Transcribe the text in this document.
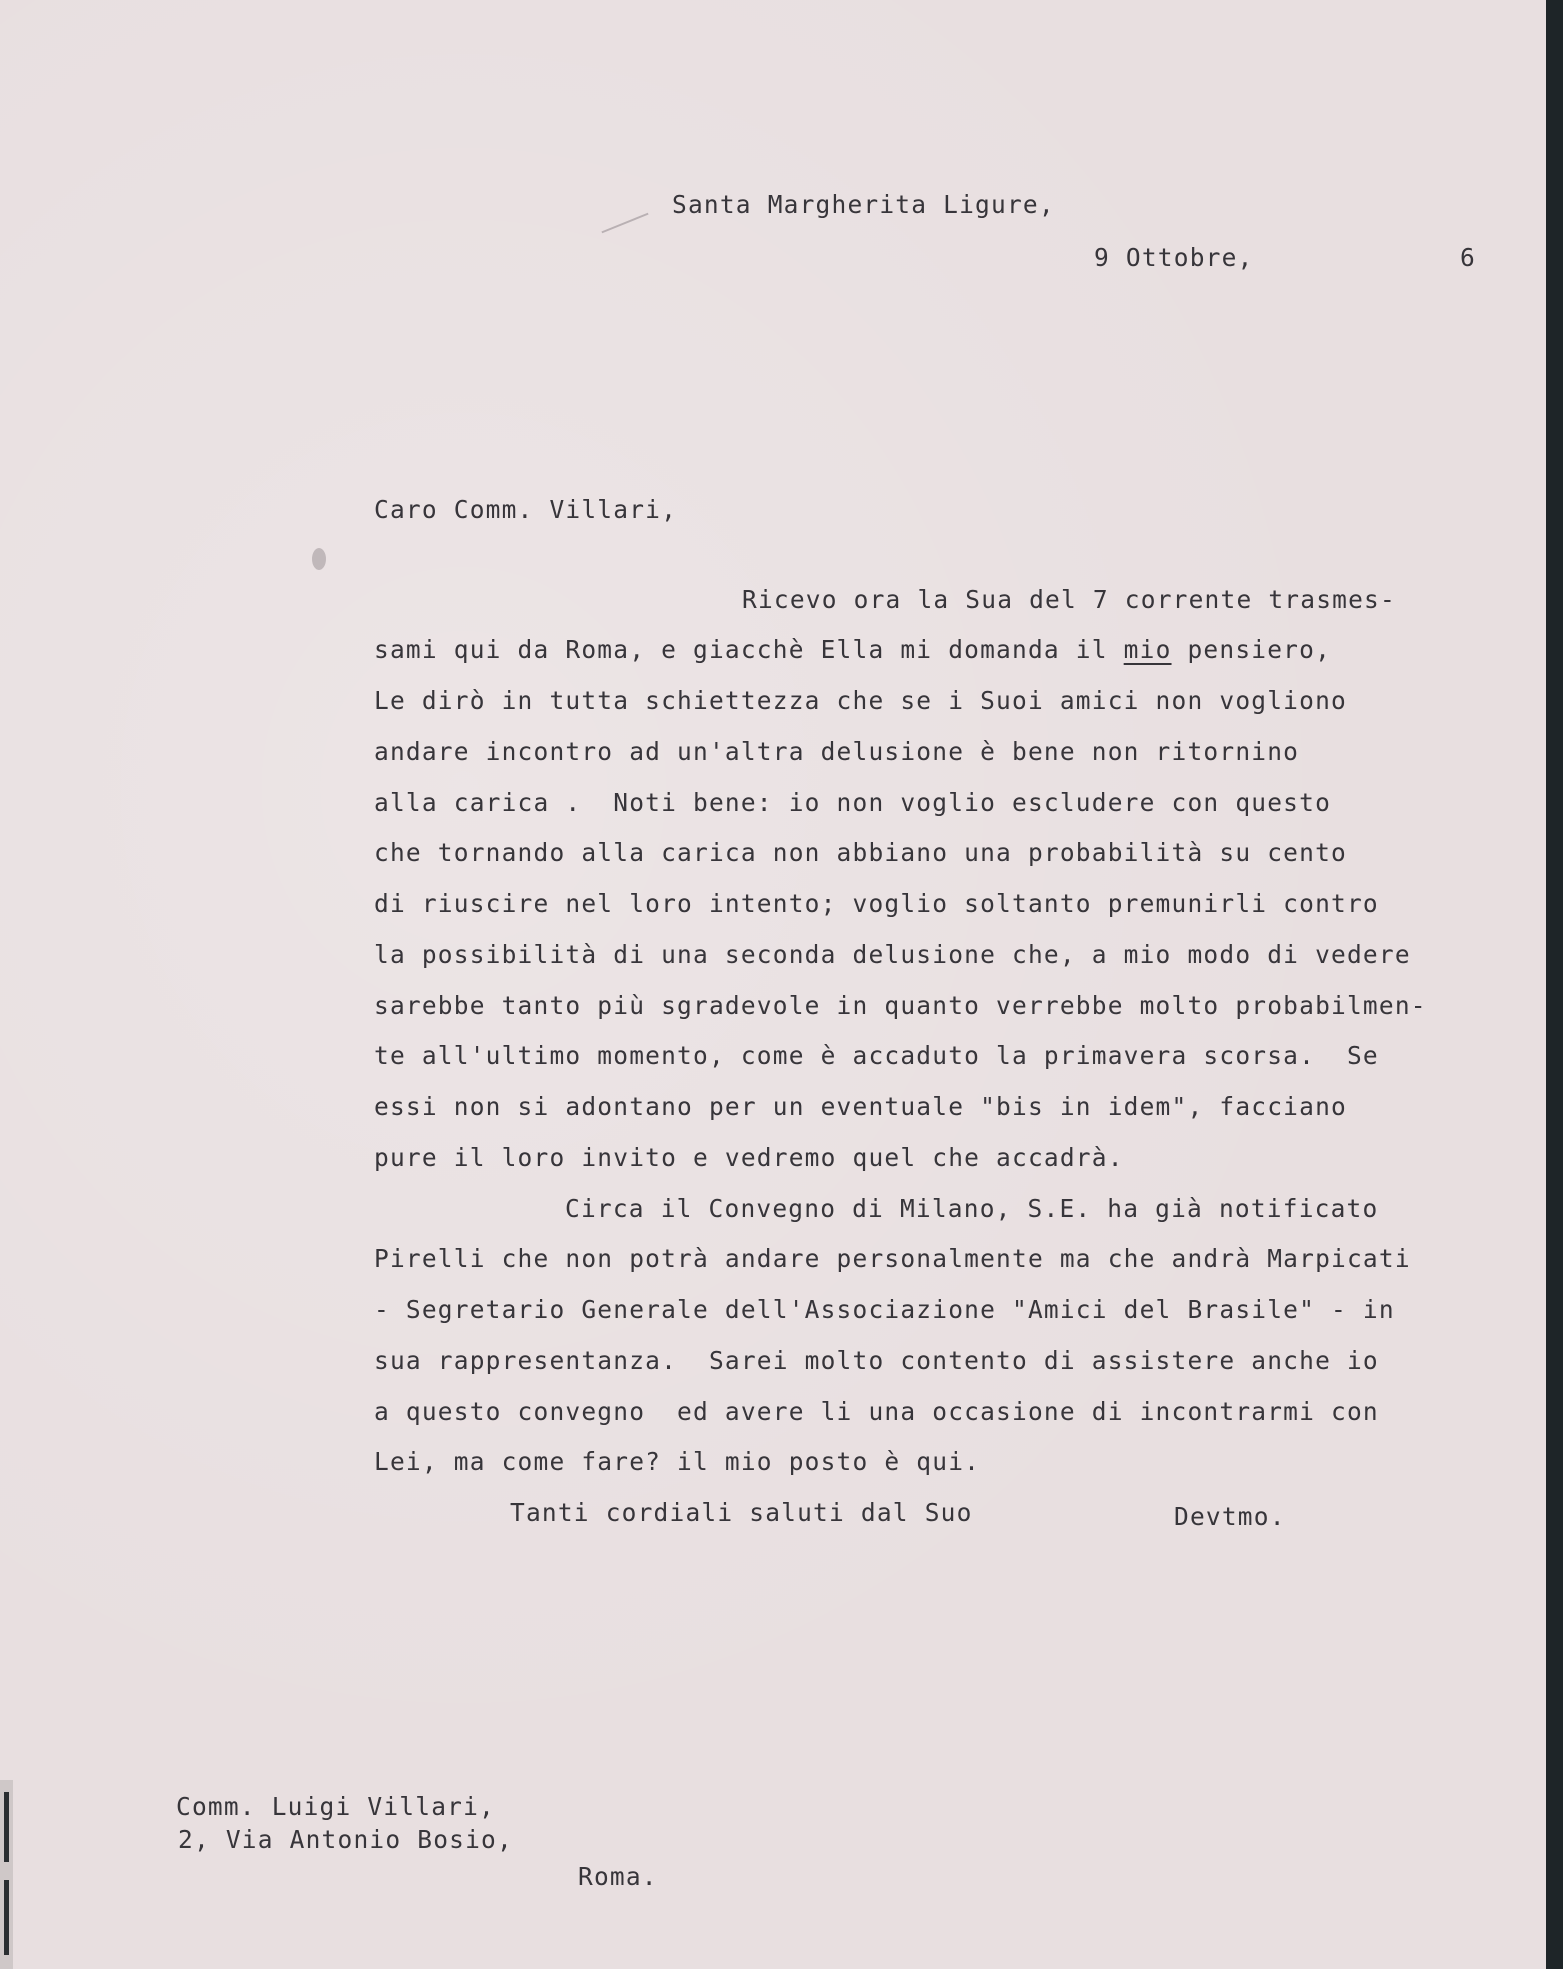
Santa Margherita Ligure,
9 Ottobre,	6
Caro Comm. Villari,
Ricevo ora la Sua del 7 corrente trasmes-
sami qui da Roma, e giacchè Ella mi domanda il mio pensiero,
Le dirò in tutta schiettezza che se i Suoi amici non vogliono
andare incontro ad un'altra delusione è bene non ritornino
alla carica .  Noti bene: io non voglio escludere con questo
che tornando alla carica non abbiano una probabilità su cento
di riuscire nel loro intento; voglio soltanto premunirli contro
la possibilità di una seconda delusione che, a mio modo di vedere
sarebbe tanto più sgradevole in quanto verrebbe molto probabilmen-
te all'ultimo momento, come è accaduto la primavera scorsa.  Se
essi non si adontano per un eventuale "bis in idem", facciano
pure il loro invito e vedremo quel che accadrà.
Circa il Convegno di Milano, S.E. ha già notificato
Pirelli che non potrà andare personalmente ma che andrà Marpicati
- Segretario Generale dell'Associazione "Amici del Brasile" - in
sua rappresentanza.  Sarei molto contento di assistere anche io
a questo convegno  ed avere li una occasione di incontrarmi con
Lei, ma come fare? il mio posto è qui.
Tanti cordiali saluti dal Suo	Devtmo.
Comm. Luigi Villari,
2, Via Antonio Bosio,
Roma.
